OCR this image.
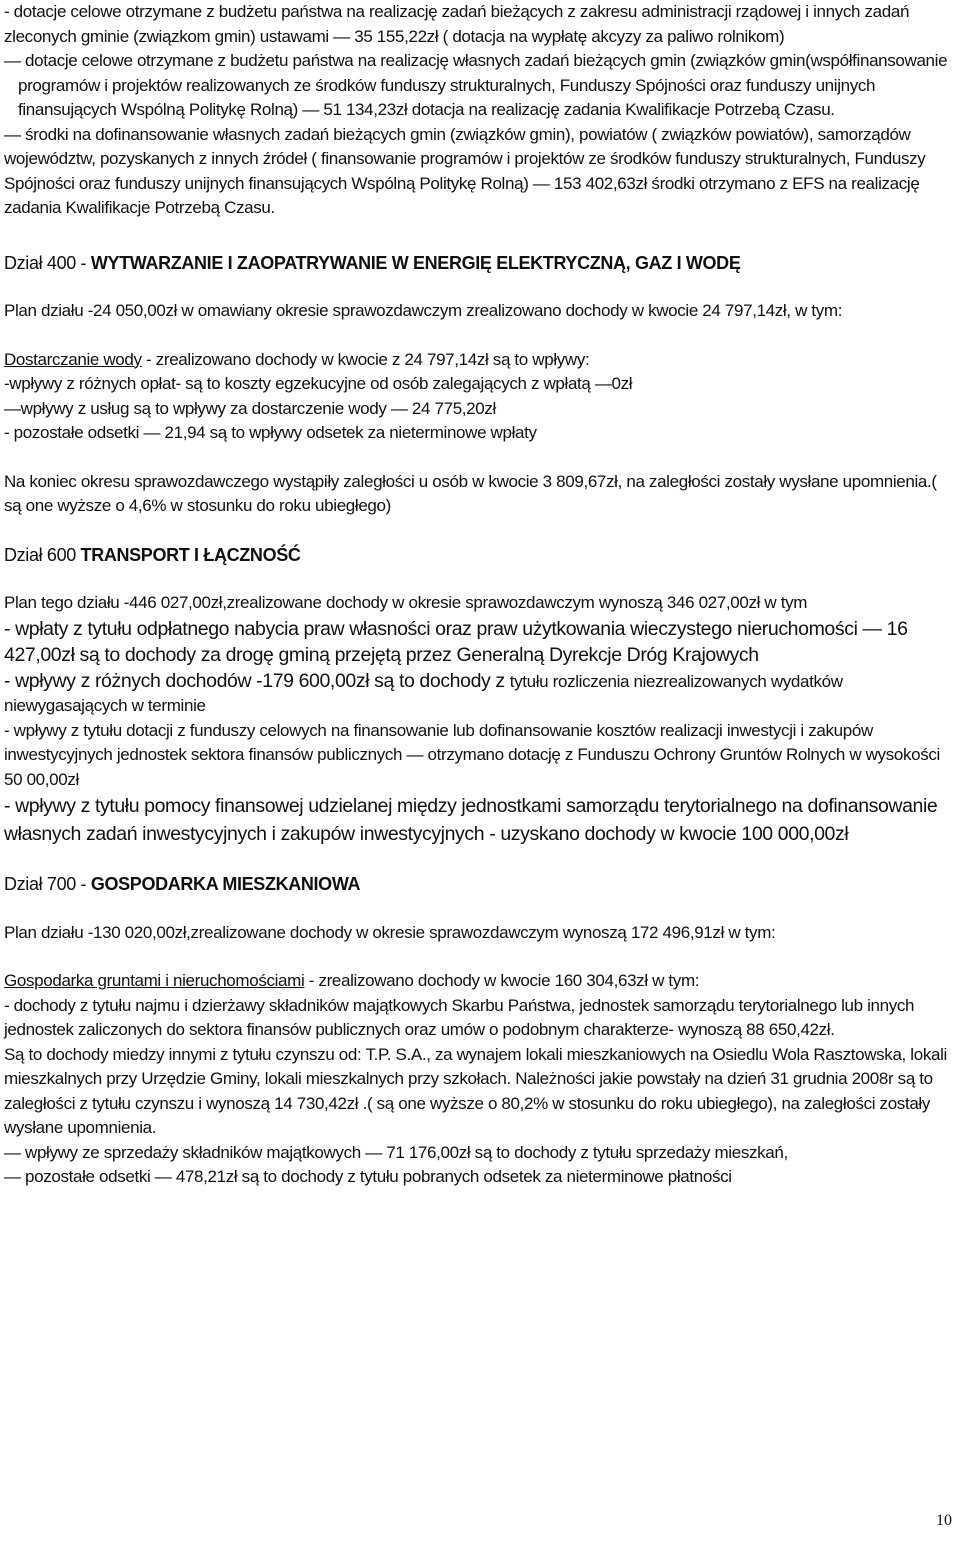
- dotacje celowe otrzymane z budżetu państwa na realizację zadań bieżących z zakresu administracji rządowej i innych zadań zleconych gminie (związkom gmin) ustawami — 35 155,22zł ( dotacja na wypłatę akcyzy za paliwo rolnikom)

— dotacje celowe otrzymane z budżetu państwa na realizację własnych zadań bieżących gmin (związków gmin(współfinansowanie programów i projektów realizowanych ze środków funduszy strukturalnych, Funduszy Spójności oraz funduszy unijnych finansujących Wspólną Politykę Rolną) — 51 134,23zł dotacja na realizację zadania Kwalifikacje Potrzebą Czasu.

— środki na dofinansowanie własnych zadań bieżących gmin (związków gmin), powiatów ( związków powiatów), samorządów województw, pozyskanych z innych źródeł ( finansowanie programów i projektów ze środków funduszy strukturalnych, Funduszy Spójności oraz funduszy unijnych finansujących Wspólną Politykę Rolną) — 153 402,63zł środki otrzymano z EFS na realizację zadania Kwalifikacje Potrzebą Czasu.

Dział 400 - WYTWARZANIE I ZAOPATRYWANIE W ENERGIĘ ELEKTRYCZNĄ, GAZ I WODĘ

Plan działu -24 050,00zł w omawiany okresie sprawozdawczym zrealizowano dochody w kwocie 24 797,14zł, w tym:

Dostarczanie wody - zrealizowano dochody w kwocie z 24 797,14zł są to wpływy:

-wpływy z różnych opłat- są to koszty egzekucyjne od osób zalegających z wpłatą —0zł

—wpływy z usług są to wpływy za dostarczenie wody — 24 775,20zł

- pozostałe odsetki — 21,94 są to wpływy odsetek za nieterminowe wpłaty

Na koniec okresu sprawozdawczego wystąpiły zaległości u osób w kwocie 3 809,67zł, na zaległości zostały wysłane upomnienia.( są one wyższe o 4,6% w stosunku do roku ubiegłego)

Dział 600 TRANSPORT I ŁĄCZNOŚĆ

Plan tego działu -446 027,00zł,zrealizowane dochody w okresie sprawozdawczym wynoszą 346 027,00zł w tym

- wpłaty z tytułu odpłatnego nabycia praw własności oraz praw użytkowania wieczystego nieruchomości — 16 427,00zł są to dochody za drogę gminą przejętą przez Generalną Dyrekcje Dróg Krajowych

- wpływy z różnych dochodów -179 600,00zł są to dochody z tytułu rozliczenia niezrealizowanych wydatków niewygasających w terminie

- wpływy z tytułu dotacji z funduszy celowych na finansowanie lub dofinansowanie kosztów realizacji inwestycji i zakupów inwestycyjnych jednostek sektora finansów publicznych — otrzymano dotację z Funduszu Ochrony Gruntów Rolnych w wysokości 50 00,00zł

- wpływy z tytułu pomocy finansowej udzielanej między jednostkami samorządu terytorialnego na dofinansowanie własnych zadań inwestycyjnych i zakupów inwestycyjnych - uzyskano dochody w kwocie 100 000,00zł

Dział 700 - GOSPODARKA MIESZKANIOWA

Plan działu -130 020,00zł,zrealizowane dochody w okresie sprawozdawczym wynoszą 172 496,91zł w tym:

Gospodarka gruntami i nieruchomościami - zrealizowano dochody w kwocie 160 304,63zł w tym:

- dochody z tytułu najmu i dzierżawy składników majątkowych Skarbu Państwa, jednostek samorządu terytorialnego lub innych jednostek zaliczonych do sektora finansów publicznych oraz umów o podobnym charakterze- wynoszą 88 650,42zł.

Są to dochody miedzy innymi z tytułu czynszu od: T.P. S.A., za wynajem lokali mieszkaniowych na Osiedlu Wola Rasztowska, lokali mieszkalnych przy Urzędzie Gminy, lokali mieszkalnych przy szkołach. Należności jakie powstały na dzień 31 grudnia 2008r są to zaległości z tytułu czynszu i wynoszą 14 730,42zł .( są one wyższe o 80,2% w stosunku do roku ubiegłego), na zaległości zostały wysłane upomnienia.

— wpływy ze sprzedaży składników majątkowych — 71 176,00zł są to dochody z tytułu sprzedaży mieszkań,

— pozostałe odsetki — 478,21zł są to dochody z tytułu pobranych odsetek za nieterminowe płatności

10
